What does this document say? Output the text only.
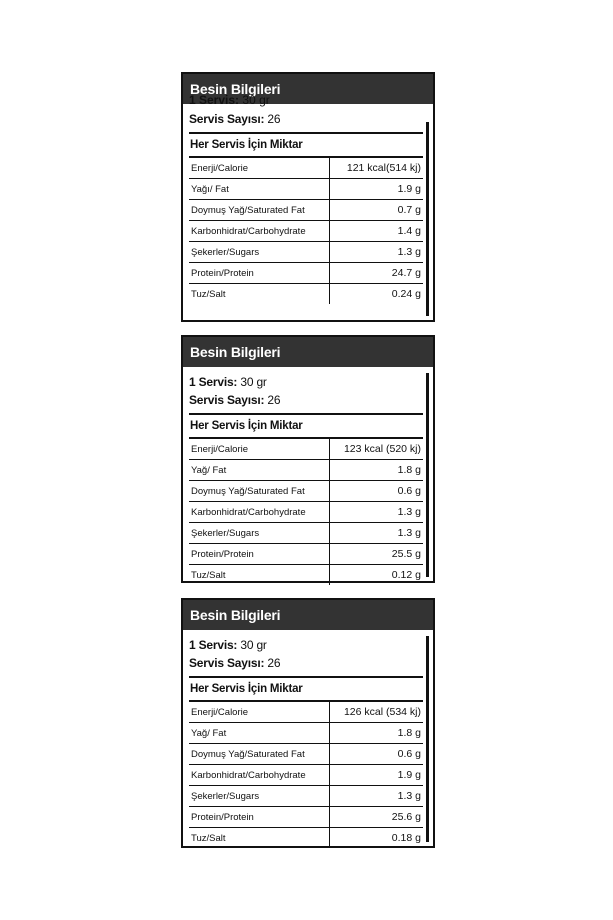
Besin Bilgileri
1 Servis: 30 gr
Servis Sayısı: 26
Her Servis İçin Miktar
Enerji/Calorie	121 kcal(514 kj)
Yağı/ Fat	1.9 g
Doymuş Yağ/Saturated Fat	0.7 g
Karbonhidrat/Carbohydrate	1.4 g
Şekerler/Sugars	1.3 g
Protein/Protein	24.7 g
Tuz/Salt	0.24 g
Besin Bilgileri
1 Servis: 30 gr
Servis Sayısı: 26
Her Servis İçin Miktar
Enerji/Calorie	123 kcal (520 kj)
Yağ/ Fat	1.8 g
Doymuş Yağ/Saturated Fat	0.6 g
Karbonhidrat/Carbohydrate	1.3 g
Şekerler/Sugars	1.3 g
Protein/Protein	25.5 g
Tuz/Salt	0.12 g
Besin Bilgileri
1 Servis: 30 gr
Servis Sayısı: 26
Her Servis İçin Miktar
Enerji/Calorie	126 kcal (534 kj)
Yağ/ Fat	1.8 g
Doymuş Yağ/Saturated Fat	0.6 g
Karbonhidrat/Carbohydrate	1.9 g
Şekerler/Sugars	1.3 g
Protein/Protein	25.6 g
Tuz/Salt	0.18 g
